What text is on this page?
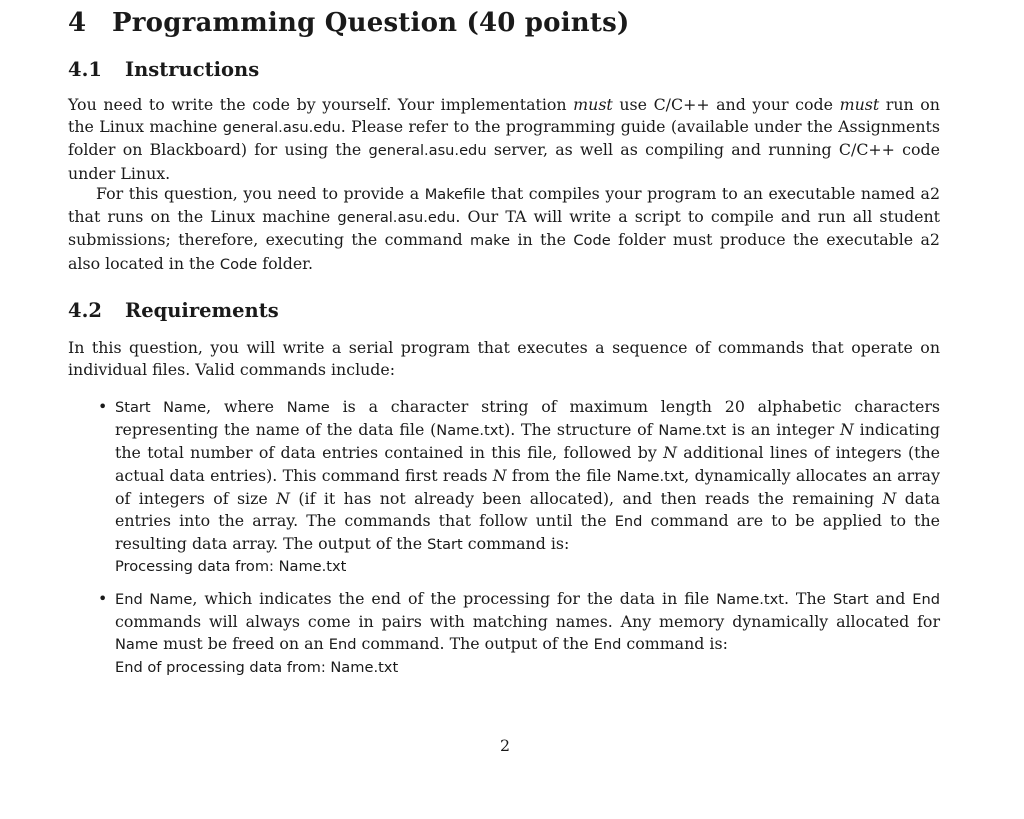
4 Programming Question (40 points)
4.1 Instructions
You need to write the code by yourself. Your implementation must use C/C++ and your code must run on the Linux machine general.asu.edu. Please refer to the programming guide (available under the Assignments folder on Blackboard) for using the general.asu.edu server, as well as compiling and running C/C++ code under Linux.
For this question, you need to provide a Makefile that compiles your program to an executable named a2 that runs on the Linux machine general.asu.edu. Our TA will write a script to compile and run all student submissions; therefore, executing the command make in the Code folder must produce the executable a2 also located in the Code folder.
4.2 Requirements
In this question, you will write a serial program that executes a sequence of commands that operate on individual files. Valid commands include:
• Start Name, where Name is a character string of maximum length 20 alphabetic characters representing the name of the data file (Name.txt). The structure of Name.txt is an integer N indicating the total number of data entries contained in this file, followed by N additional lines of integers (the actual data entries). This command first reads N from the file Name.txt, dynamically allocates an array of integers of size N (if it has not already been allocated), and then reads the remaining N data entries into the array. The commands that follow until the End command are to be applied to the resulting data array. The output of the Start command is:
Processing data from: Name.txt
• End Name, which indicates the end of the processing for the data in file Name.txt. The Start and End commands will always come in pairs with matching names. Any memory dynamically allocated for Name must be freed on an End command. The output of the End command is:
End of processing data from: Name.txt
2
